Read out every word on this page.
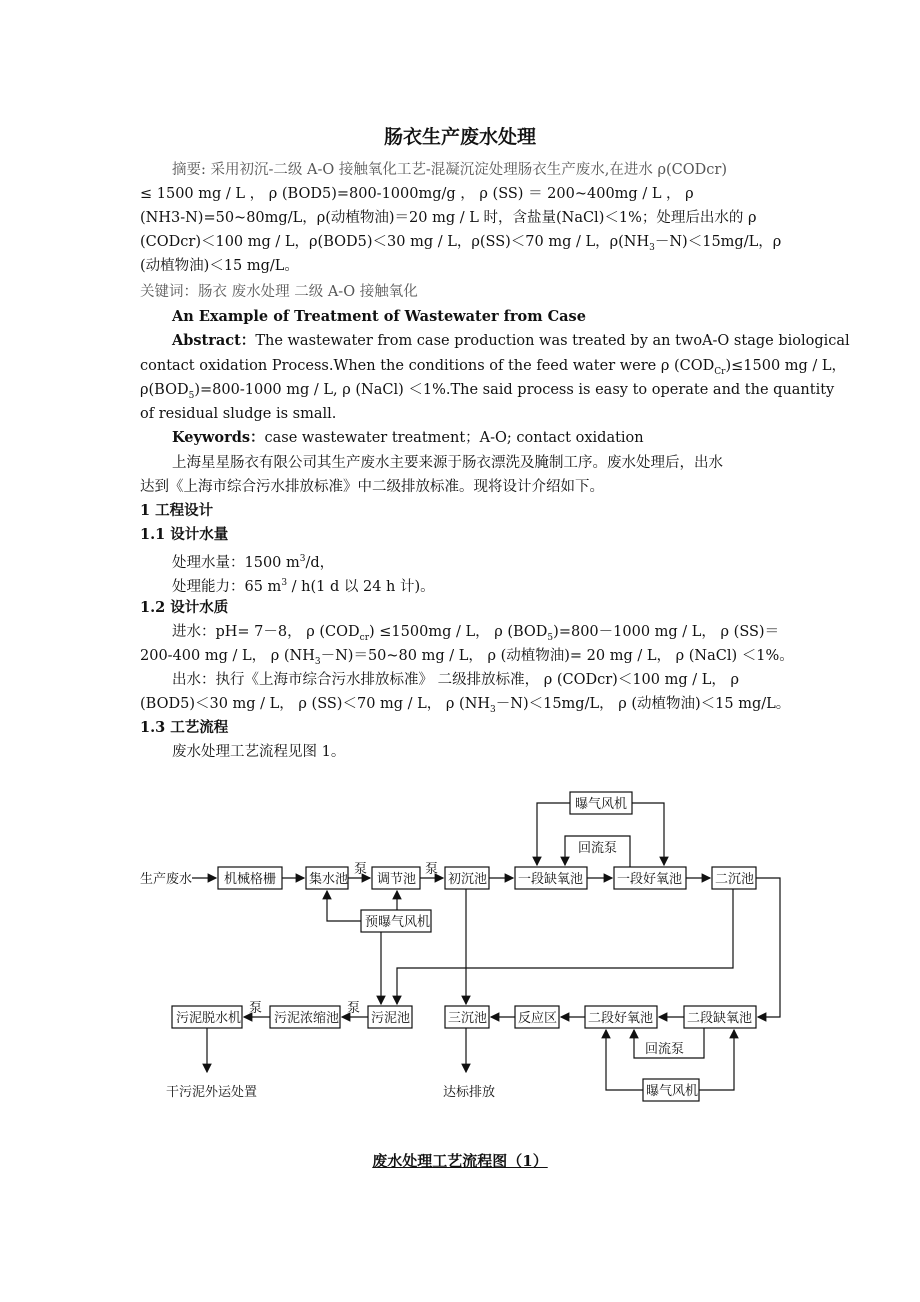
肠衣生产废水处理
摘要: 采用初沉-二级 A-O 接触氧化工艺-混凝沉淀处理肠衣生产废水,在进水 ρ(CODcr)
≤ 1500 mg / L ， ρ (BOD5)=800-1000mg/g ， ρ (SS) ＝ 200~400mg / L ， ρ
(NH3-N)=50~80mg/L，ρ(动植物油)＝20 mg / L 时，含盐量(NaCl)＜1%；处理后出水的 ρ
(CODcr)＜100 mg / L，ρ(BOD5)＜30 mg / L，ρ(SS)＜70 mg / L，$\rho(NH_3-N)<15mg/L$，ρ
(动植物油)＜15 mg/L。
关键词：肠衣 废水处理 二级 A-O 接触氧化
An Example of Treatment of Wastewater from Case
Abstract：The wastewater from case production was treated by an twoA-O stage biological
contact oxidation Process.When the conditions of the feed water were ρ $(COD_{Cr})\le 1500$ mg / L，
$\rho(BOD_5)=800-1000$ mg / L, ρ (NaCl) ＜1%.The said process is easy to operate and the quantity
of residual sludge is small.
Keywords：case wastewater treatment；A-O; contact oxidation
上海星星肠衣有限公司其生产废水主要来源于肠衣漂洗及腌制工序。废水处理后，出水
达到《上海市综合污水排放标准》中二级排放标准。现将设计介绍如下。
1 工程设计
1.1 设计水量
处理水量：1500 $m^3/d$，
处理能力：65 $m^3 / h(1$ d 以 24 h 计)。
1.2 设计水质
进水：pH= 7－8， ρ $(COD_{cr}) \le 1500mg / L$， ρ $(BOD_5)=800-1000$ mg / L， ρ (SS)＝
200-400 mg / L， ρ $(NH_3-N)=50\sim 80$ mg / L， ρ (动植物油)= 20 mg / L， ρ (NaCl) ＜1%。
出水：执行《上海市综合污水排放标准》 二级排放标准， ρ (CODcr)＜100 mg / L， ρ
(BOD5)＜30 mg / L， ρ (SS)＜70 mg / L， ρ $(NH_3-N)<15mg/L$， ρ (动植物油)＜15 mg/L。
1.3 工艺流程
废水处理工艺流程见图 1。
生产废水 机械格栅	集水池
泵
调节池
泵
初沉池 一段缺氧池	一段好氧池	二沉池
曝气风机
回流泵
预曝气风机
污泥脱水机
泵
污泥浓缩池
泵
污泥池	三沉池 反应区 二段好氧池	二段缺氧池
回流泵
曝气风机
干污泥外运处置	达标排放
废水处理工艺流程图（1）
